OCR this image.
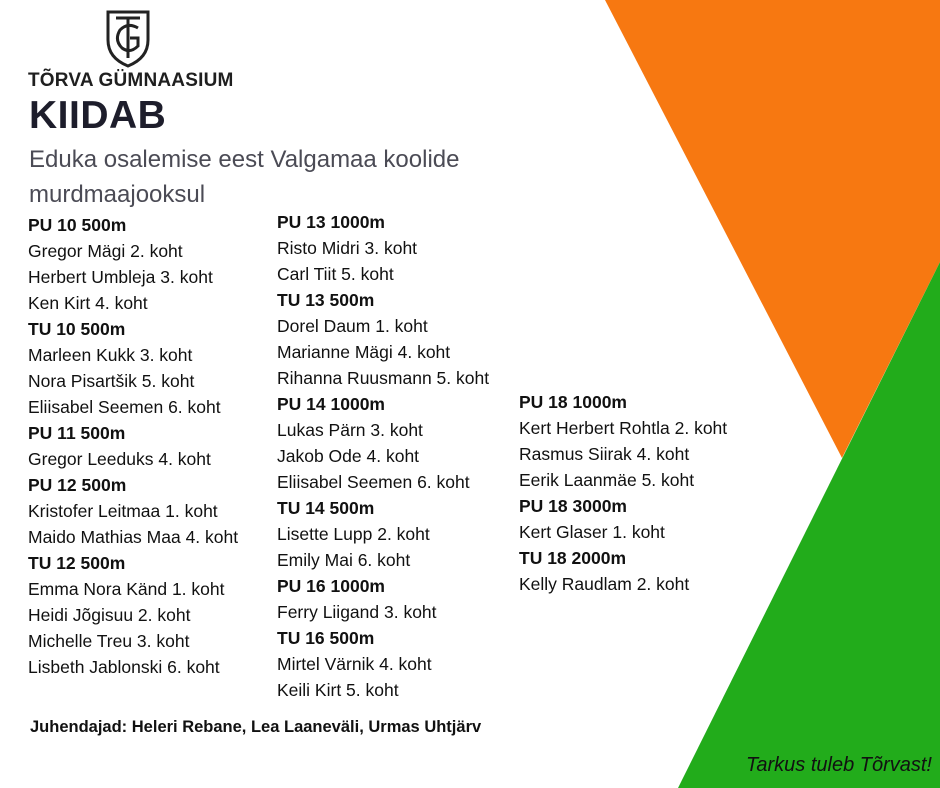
TÕRVA GÜMNAASIUM
KIIDAB
Eduka osalemise eest Valgamaa koolide murdmaajooksul
PU 10 500m
Gregor Mägi 2. koht
Herbert Umbleja 3. koht
Ken Kirt 4. koht
TU 10 500m
Marleen Kukk 3. koht
Nora Pisartšik 5. koht
Eliisabel Seemen 6. koht
PU 11 500m
Gregor Leeduks 4. koht
PU 12 500m
Kristofer Leitmaa 1. koht
Maido Mathias Maa 4. koht
TU 12 500m
Emma Nora Känd 1. koht
Heidi Jõgisuu 2. koht
Michelle Treu 3. koht
Lisbeth Jablonski 6. koht
PU 13 1000m
Risto Midri 3. koht
Carl Tiit 5. koht
TU 13 500m
Dorel Daum 1. koht
Marianne Mägi 4. koht
Rihanna Ruusmann 5. koht
PU 14 1000m
Lukas Pärn 3. koht
Jakob Ode 4. koht
Eliisabel Seemen 6. koht
TU 14 500m
Lisette Lupp 2. koht
Emily Mai 6. koht
PU 16 1000m
Ferry Liigand 3. koht
TU 16 500m
Mirtel Värnik 4. koht
Keili Kirt 5. koht
PU 18 1000m
Kert Herbert Rohtla 2. koht
Rasmus Siirak 4. koht
Eerik Laanmäe 5. koht
PU 18 3000m
Kert Glaser 1. koht
TU 18 2000m
Kelly Raudlam 2. koht
Juhendajad: Heleri Rebane, Lea Laaneväli, Urmas Uhtjärv
Tarkus tuleb Tõrvast!
